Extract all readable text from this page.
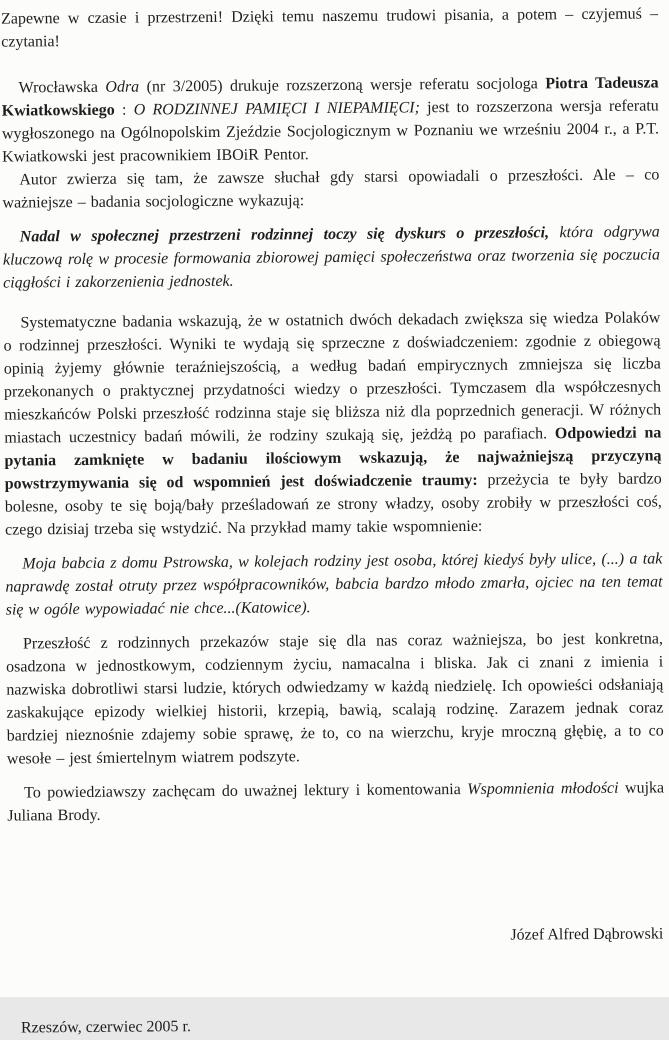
Zapewne w czasie i przestrzeni! Dzięki temu naszemu trudowi pisania, a potem – czyjemuś – czytania!

Wrocławska Odra (nr 3/2005) drukuje rozszerzoną wersje referatu socjologa Piotra Tadeusza Kwiatkowskiego : O RODZINNEJ PAMIĘCI I NIEPAMIĘCI; jest to rozszerzona wersja referatu wygłoszonego na Ogólnopolskim Zjeździe Socjologicznym w Poznaniu we wrześniu 2004 r., a P.T. Kwiatkowski jest pracownikiem IBOiR Pentor.

Autor zwierza się tam, że zawsze słuchał gdy starsi opowiadali o przeszłości. Ale – co ważniejsze – badania socjologiczne wykazują:

Nadal w społecznej przestrzeni rodzinnej toczy się dyskurs o przeszłości, która odgrywa kluczową rolę w procesie formowania zbiorowej pamięci społeczeństwa oraz tworzenia się poczucia ciągłości i zakorzenienia jednostek.

Systematyczne badania wskazują, że w ostatnich dwóch dekadach zwiększa się wiedza Polaków o rodzinnej przeszłości. Wyniki te wydają się sprzeczne z doświadczeniem: zgodnie z obiegową opinią żyjemy głównie teraźniejszością, a według badań empirycznych zmniejsza się liczba przekonanych o praktycznej przydatności wiedzy o przeszłości. Tymczasem dla współczesnych mieszkańców Polski przeszłość rodzinna staje się bliższa niż dla poprzednich generacji. W różnych miastach uczestnicy badań mówili, że rodziny szukają się, jeżdżą po parafiach. Odpowiedzi na pytania zamknięte w badaniu ilościowym wskazują, że najważniejszą przyczyną powstrzymywania się od wspomnień jest doświadczenie traumy: przeżycia te były bardzo bolesne, osoby te się boją/bały prześladowań ze strony władzy, osoby zrobiły w przeszłości coś, czego dzisiaj trzeba się wstydzić. Na przykład mamy takie wspomnienie:

Moja babcia z domu Pstrowska, w kolejach rodziny jest osoba, której kiedyś były ulice, (...) a tak naprawdę został otruty przez współpracowników, babcia bardzo młodo zmarła, ojciec na ten temat się w ogóle wypowiadać nie chce...(Katowice).

Przeszłość z rodzinnych przekazów staje się dla nas coraz ważniejsza, bo jest konkretna, osadzona w jednostkowym, codziennym życiu, namacalna i bliska. Jak ci znani z imienia i nazwiska dobrotliwi starsi ludzie, których odwiedzamy w każdą niedzielę. Ich opowieści odsłaniają zaskakujące epizody wielkiej historii, krzepią, bawią, scalają rodzinę. Zarazem jednak coraz bardziej nieznośnie zdajemy sobie sprawę, że to, co na wierzchu, kryje mroczną głębię, a to co wesołe – jest śmiertelnym wiatrem podszyte.

To powiedziawszy zachęcam do uważnej lektury i komentowania Wspomnienia młodości wujka Juliana Brody.

Józef Alfred Dąbrowski
Rzeszów, czerwiec 2005 r.
